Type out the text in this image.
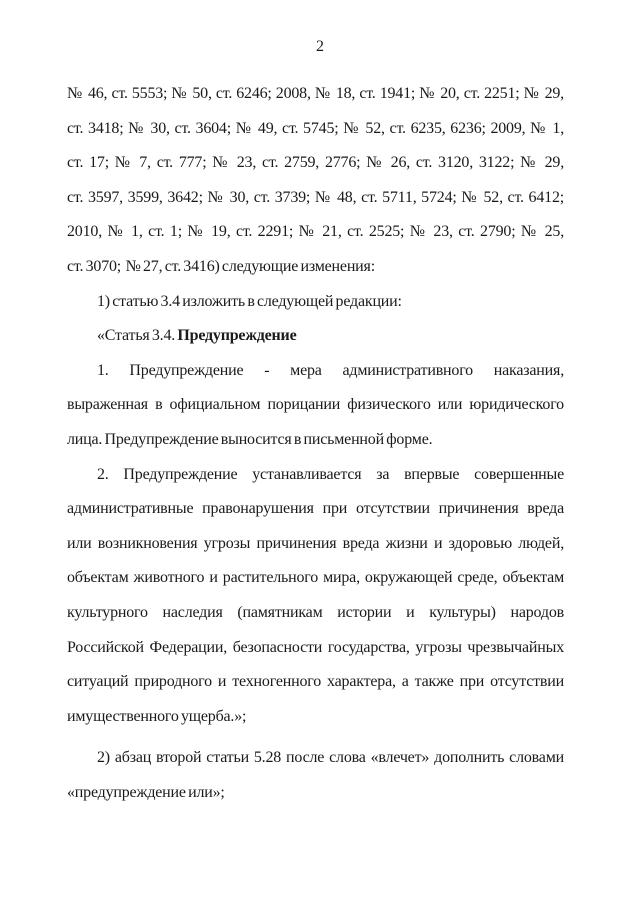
2
№ 46, ст. 5553; № 50, ст. 6246; 2008, № 18, ст. 1941; № 20, ст. 2251; № 29,
ст. 3418; № 30, ст. 3604; № 49, ст. 5745; № 52, ст. 6235, 6236; 2009, № 1,
ст. 17; № 7, ст. 777; № 23, ст. 2759, 2776; № 26, ст. 3120, 3122; № 29,
ст. 3597, 3599, 3642; № 30, ст. 3739; № 48, ст. 5711, 5724; № 52, ст. 6412;
2010, № 1, ст. 1; № 19, ст. 2291; № 21, ст. 2525; № 23, ст. 2790; № 25,
ст. 3070;  № 27, ст. 3416) следующие изменения:
1) статью 3.4 изложить в следующей редакции:
«Статья 3.4. Предупреждение
1. Предупреждение - мера административного наказания,
выраженная в официальном порицании физического или юридического
лица. Предупреждение выносится в письменной форме.
2. Предупреждение устанавливается за впервые совершенные
административные правонарушения при отсутствии причинения вреда
или возникновения угрозы причинения вреда жизни и здоровью людей,
объектам животного и растительного мира, окружающей среде, объектам
культурного наследия (памятникам истории и культуры) народов
Российской Федерации, безопасности государства, угрозы чрезвычайных
ситуаций природного и техногенного характера, а также при отсутствии
имущественного ущерба.»;
2) абзац второй статьи 5.28 после слова «влечет» дополнить словами
«предупреждение или»;
